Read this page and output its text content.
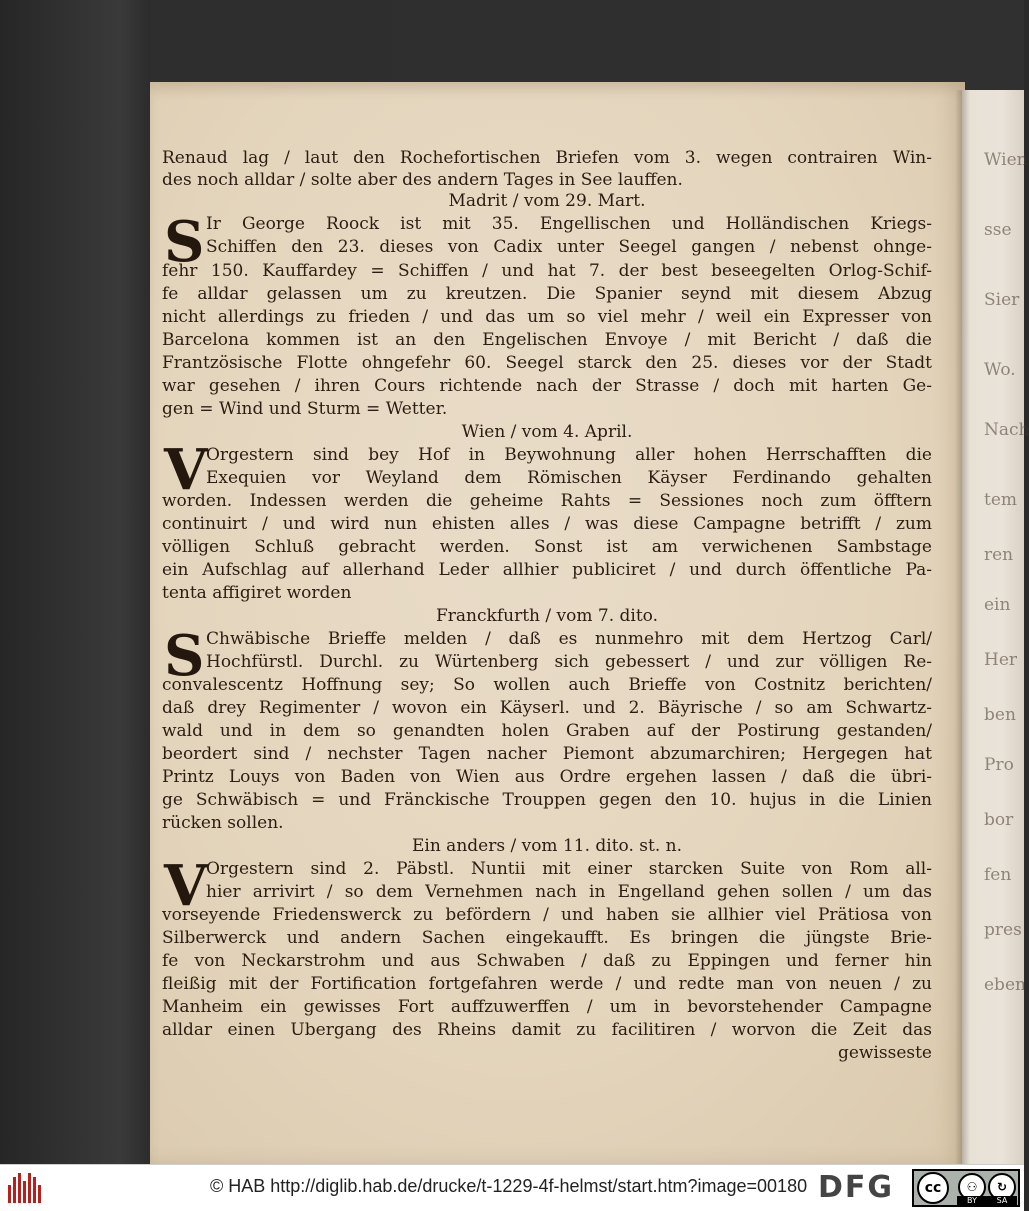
Wien
sse
Sier
Wo.
Nach
tem
ren
ein
Her
ben
Pro
bor
fen
pres
eben
Renaud lag / laut den Rochefortischen Briefen vom 3. wegen contrairen Win-
des noch alldar / solte aber des andern Tages in See lauffen.
Madrit / vom 29. Mart.
S Ir George Roock ist mit 35. Engellischen und Holländischen Kriegs-
Schiffen den 23. dieses von Cadix unter Seegel gangen / nebenst ohnge-
fehr 150. Kauffardey = Schiffen / und hat 7. der best beseegelten Orlog-Schif-
fe alldar gelassen um zu kreutzen. Die Spanier seynd mit diesem Abzug
nicht allerdings zu frieden / und das um so viel mehr / weil ein Expresser von
Barcelona kommen ist an den Engelischen Envoye / mit Bericht / daß die
Frantzösische Flotte ohngefehr 60. Seegel starck den 25. dieses vor der Stadt
war gesehen / ihren Cours richtende nach der Strasse / doch mit harten Ge-
gen = Wind und Sturm = Wetter.
Wien / vom 4. April.
V
Orgestern sind bey Hof in Beywohnung aller hohen Herrschafften die
Exequien vor Weyland dem Römischen Käyser Ferdinando gehalten
worden. Indessen werden die geheime Rahts = Sessiones noch zum öfftern
continuirt / und wird nun ehisten alles / was diese Campagne betrifft / zum
völligen Schluß gebracht werden. Sonst ist am verwichenen Sambstage
ein Aufschlag auf allerhand Leder allhier publiciret / und durch öffentliche Pa-
tenta affigiret worden
Franckfurth / vom 7. dito.
S Chwäbische Brieffe melden / daß es nunmehro mit dem Hertzog Carl/
Hochfürstl. Durchl. zu Würtenberg sich gebessert / und zur völligen Re-
convalescentz Hoffnung sey; So wollen auch Brieffe von Costnitz berichten/
daß drey Regimenter / wovon ein Käyserl. und 2. Bäyrische / so am Schwartz-
wald und in dem so genandten holen Graben auf der Postirung gestanden/
beordert sind / nechster Tagen nacher Piemont abzumarchiren; Hergegen hat
Printz Louys von Baden von Wien aus Ordre ergehen lassen / daß die übri-
ge Schwäbisch = und Fränckische Trouppen gegen den 10. hujus in die Linien
rücken sollen.
Ein anders / vom 11. dito. st. n.
V
Orgestern sind 2. Päbstl. Nuntii mit einer starcken Suite von Rom all-
hier arrivirt / so dem Vernehmen nach in Engelland gehen sollen / um das
vorseyende Friedenswerck zu befördern / und haben sie allhier viel Prätiosa von
Silberwerck und andern Sachen eingekaufft. Es bringen die jüngste Brie-
fe von Neckarstrohm und aus Schwaben / daß zu Eppingen und ferner hin
fleißig mit der Fortification fortgefahren werde / und redte man von neuen / zu
Manheim ein gewisses Fort auffzuwerffen / um in bevorstehender Campagne
alldar einen Ubergang des Rheins damit zu facilitiren / worvon die Zeit das
gewisseste
© HAB http://diglib.hab.de/drucke/t-1229-4f-helmst/start.htm?image=00180 DFG	cc	⚇	↻
BY	SA
